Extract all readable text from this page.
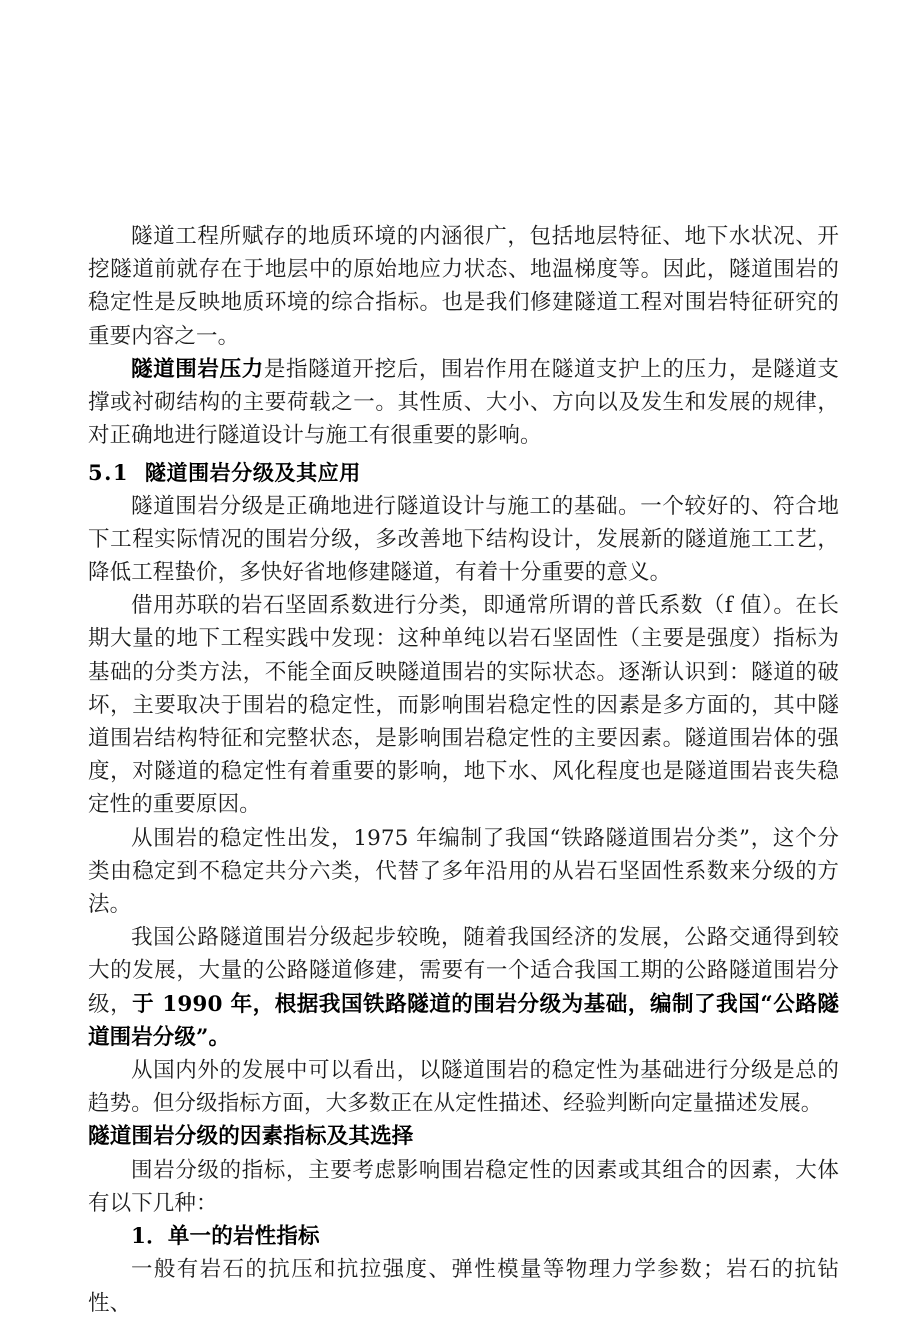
隧道工程所赋存的地质环境的内涵很广，包括地层特征、地下水状况、开挖隧道前就存在于地层中的原始地应力状态、地温梯度等。因此，隧道围岩的稳定性是反映地质环境的综合指标。也是我们修建隧道工程对围岩特征研究的重要内容之一。

隧道围岩压力是指隧道开挖后，围岩作用在隧道支护上的压力，是隧道支撑或衬砌结构的主要荷载之一。其性质、大小、方向以及发生和发展的规律，对正确地进行隧道设计与施工有很重要的影响。

5.1 隧道围岩分级及其应用

隧道围岩分级是正确地进行隧道设计与施工的基础。一个较好的、符合地下工程实际情况的围岩分级，多改善地下结构设计，发展新的隧道施工工艺，降低工程蛰价，多快好省地修建隧道，有着十分重要的意义。

借用苏联的岩石坚固系数进行分类，即通常所谓的普氏系数（f 值）。在长期大量的地下工程实践中发现：这种单纯以岩石坚固性（主要是强度）指标为基础的分类方法，不能全面反映隧道围岩的实际状态。逐渐认识到：隧道的破坏，主要取决于围岩的稳定性，而影响围岩稳定性的因素是多方面的，其中隧道围岩结构特征和完整状态，是影响围岩稳定性的主要因素。隧道围岩体的强度，对隧道的稳定性有着重要的影响，地下水、风化程度也是隧道围岩丧失稳定性的重要原因。

从围岩的稳定性出发，1975 年编制了我国“铁路隧道围岩分类”，这个分类由稳定到不稳定共分六类，代替了多年沿用的从岩石坚固性系数来分级的方法。

我国公路隧道围岩分级起步较晚，随着我国经济的发展，公路交通得到较大的发展，大量的公路隧道修建，需要有一个适合我国工期的公路隧道围岩分级，于 1990 年，根据我国铁路隧道的围岩分级为基础，编制了我国“公路隧道围岩分级”。

从国内外的发展中可以看出，以隧道围岩的稳定性为基础进行分级是总的趋势。但分级指标方面，大多数正在从定性描述、经验判断向定量描述发展。

隧道围岩分级的因素指标及其选择

围岩分级的指标，主要考虑影响围岩稳定性的因素或其组合的因素，大体有以下几种：

1．单一的岩性指标

一般有岩石的抗压和抗拉强度、弹性模量等物理力学参数；岩石的抗钻性、
